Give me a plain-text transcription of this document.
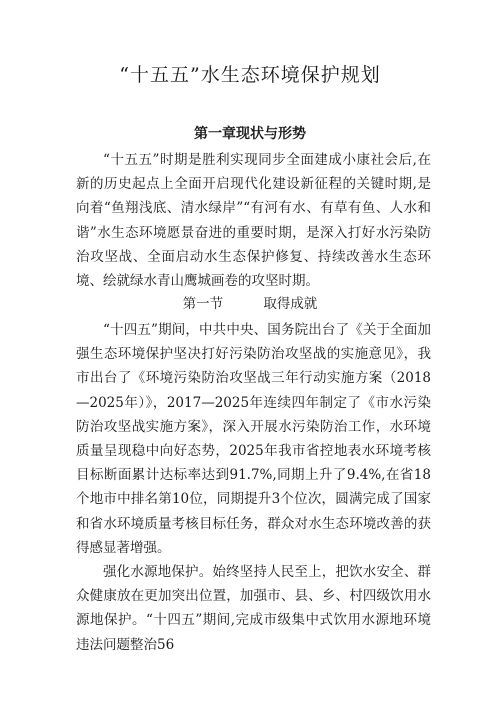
“十五五”水生态环境保护规划
第一章现状与形势
“十五五”时期是胜利实现同步全面建成小康社会后,在新的历史起点上全面开启现代化建设新征程的关键时期,是向着“鱼翔浅底、清水绿岸”“有河有水、有草有鱼、人水和谐”水生态环境愿景奋进的重要时期，是深入打好水污染防治攻坚战、全面启动水生态保护修复、持续改善水生态环境、绘就绿水青山鹰城画卷的攻坚时期。
第一节	取得成就
“十四五”期间，中共中央、国务院出台了《关于全面加强生态环境保护坚决打好污染防治攻坚战的实施意见》，我市出台了《环境污染防治攻坚战三年行动实施方案（2018—2025年）》，2017—2025年连续四年制定了《市水污染防治攻坚战实施方案》，深入开展水污染防治工作，水环境质量呈现稳中向好态势，2025年我市省控地表水环境考核目标断面累计达标率达到91.7%,同期上升了9.4%,在省18个地市中排名第10位，同期提升3个位次，圆满完成了国家和省水环境质量考核目标任务，群众对水生态环境改善的获得感显著增强。
强化水源地保护。始终坚持人民至上，把饮水安全、群众健康放在更加突出位置，加强市、县、乡、村四级饮用水源地保护。“十四五”期间,完成市级集中式饮用水源地环境违法问题整治56
